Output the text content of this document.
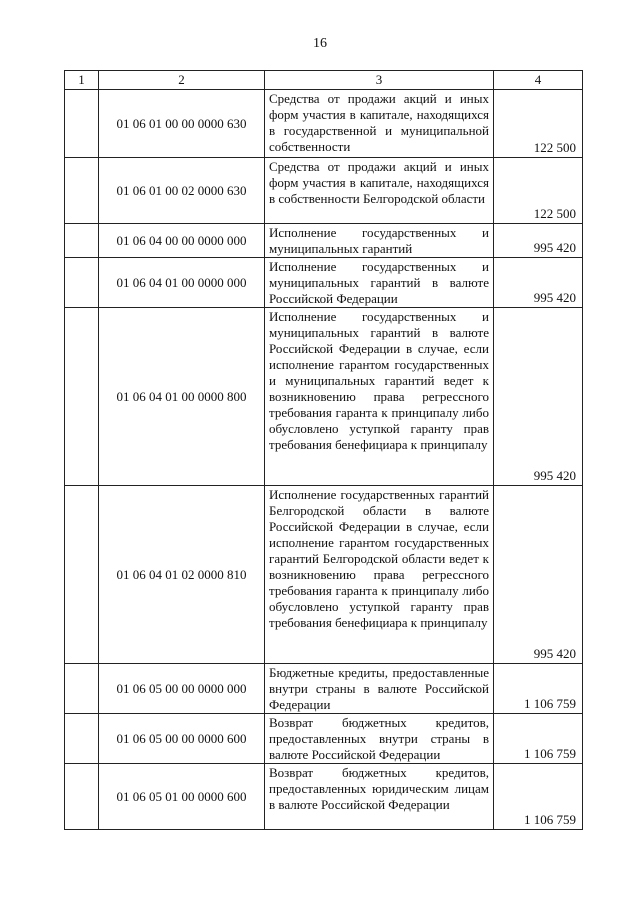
16
1	2	3	4
	01 06 01 00 00 0000 630	Средства от продажи акций и иных форм участия в капитале, находящихся в государственной и муниципальной собственности	122 500
	01 06 01 00 02 0000 630	Средства от продажи акций и иных форм участия в капитале, находящихся в собственности Белгородской области	122 500
	01 06 04 00 00 0000 000	Исполнение государственных и муниципальных гарантий	995 420
	01 06 04 01 00 0000 000	Исполнение государственных и муниципальных гарантий в валюте Российской Федерации	995 420
	01 06 04 01 00 0000 800	Исполнение государственных и муниципальных гарантий в валюте Российской Федерации в случае, если исполнение гарантом государственных и муниципальных гарантий ведет к возникновению права регрессного требования гаранта к принципалу либо обусловлено уступкой гаранту прав требования бенефициара к принципалу	995 420
	01 06 04 01 02 0000 810	Исполнение государственных гарантий Белгородской области в валюте Российской Федерации в случае, если исполнение гарантом государственных гарантий Белгородской области ведет к возникновению права регрессного требования гаранта к принципалу либо обусловлено уступкой гаранту прав требования бенефициара к принципалу	995 420
	01 06 05 00 00 0000 000	Бюджетные кредиты, предоставленные внутри страны в валюте Российской Федерации	1 106 759
	01 06 05 00 00 0000 600	Возврат бюджетных кредитов, предоставленных внутри страны в валюте Российской Федерации	1 106 759
	01 06 05 01 00 0000 600	Возврат бюджетных кредитов, предоставленных юридическим лицам в валюте Российской Федерации	1 106 759
